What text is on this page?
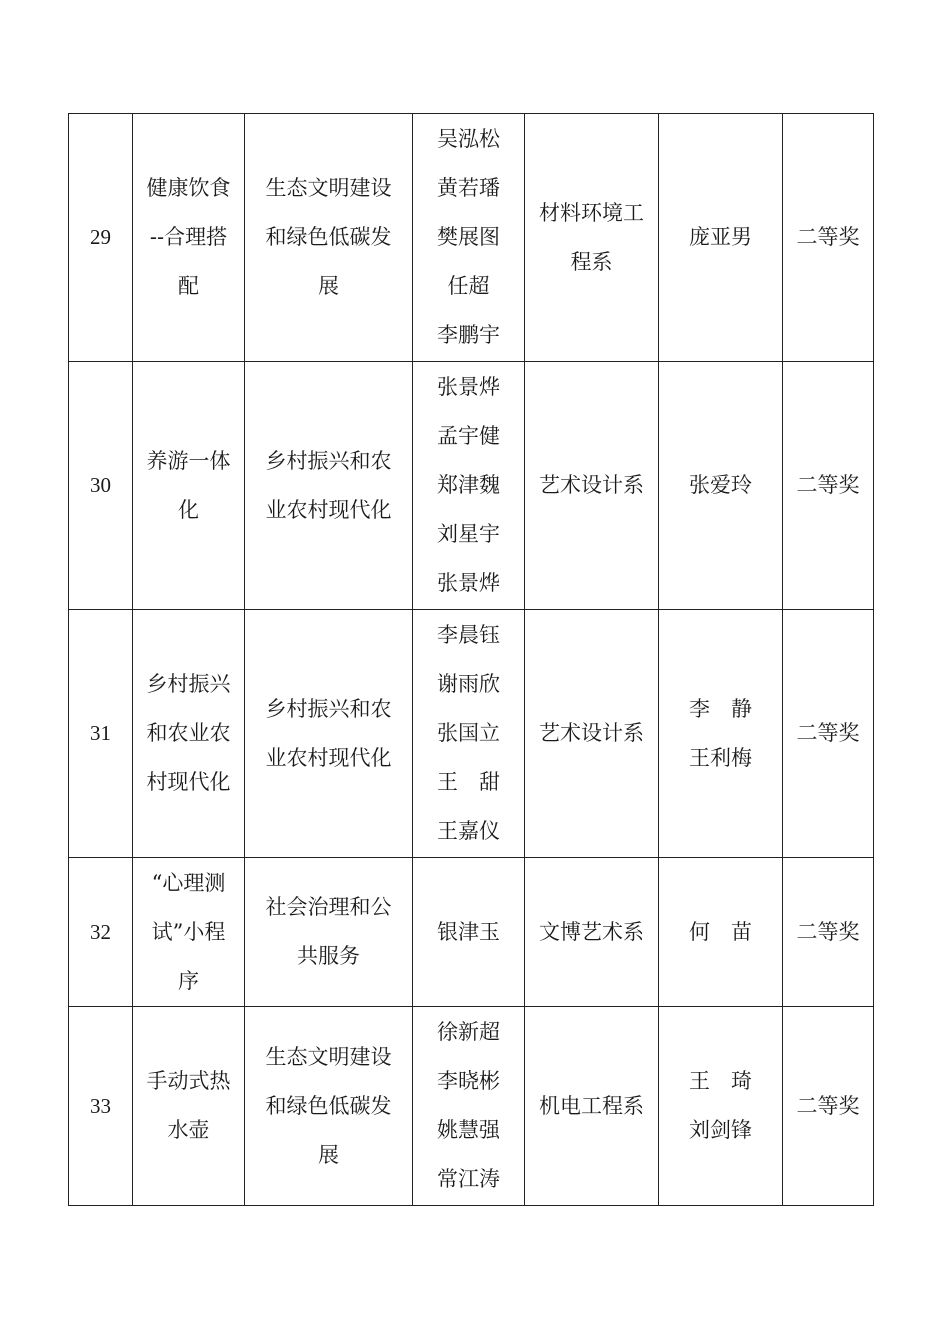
29	健康饮食
--合理搭
配	生态文明建设
和绿色低碳发
展	吴泓松
黄若璠
樊展图
任超
李鹏宇	材料环境工
程系	庞亚男	二等奖
30	养游一体
化	乡村振兴和农
业农村现代化	张景烨
孟宇健
郑津魏
刘星宇
张景烨	艺术设计系	张爱玲	二等奖
31	乡村振兴
和农业农
村现代化	乡村振兴和农
业农村现代化	李晨钰
谢雨欣
张国立
王　甜
王嘉仪	艺术设计系	李　静
王利梅	二等奖
32	“心理测
试”小程
序	社会治理和公
共服务	银津玉	文博艺术系	何　苗	二等奖
33	手动式热
水壶	生态文明建设
和绿色低碳发
展	徐新超
李晓彬
姚慧强
常江涛	机电工程系	王　琦
刘剑锋	二等奖
